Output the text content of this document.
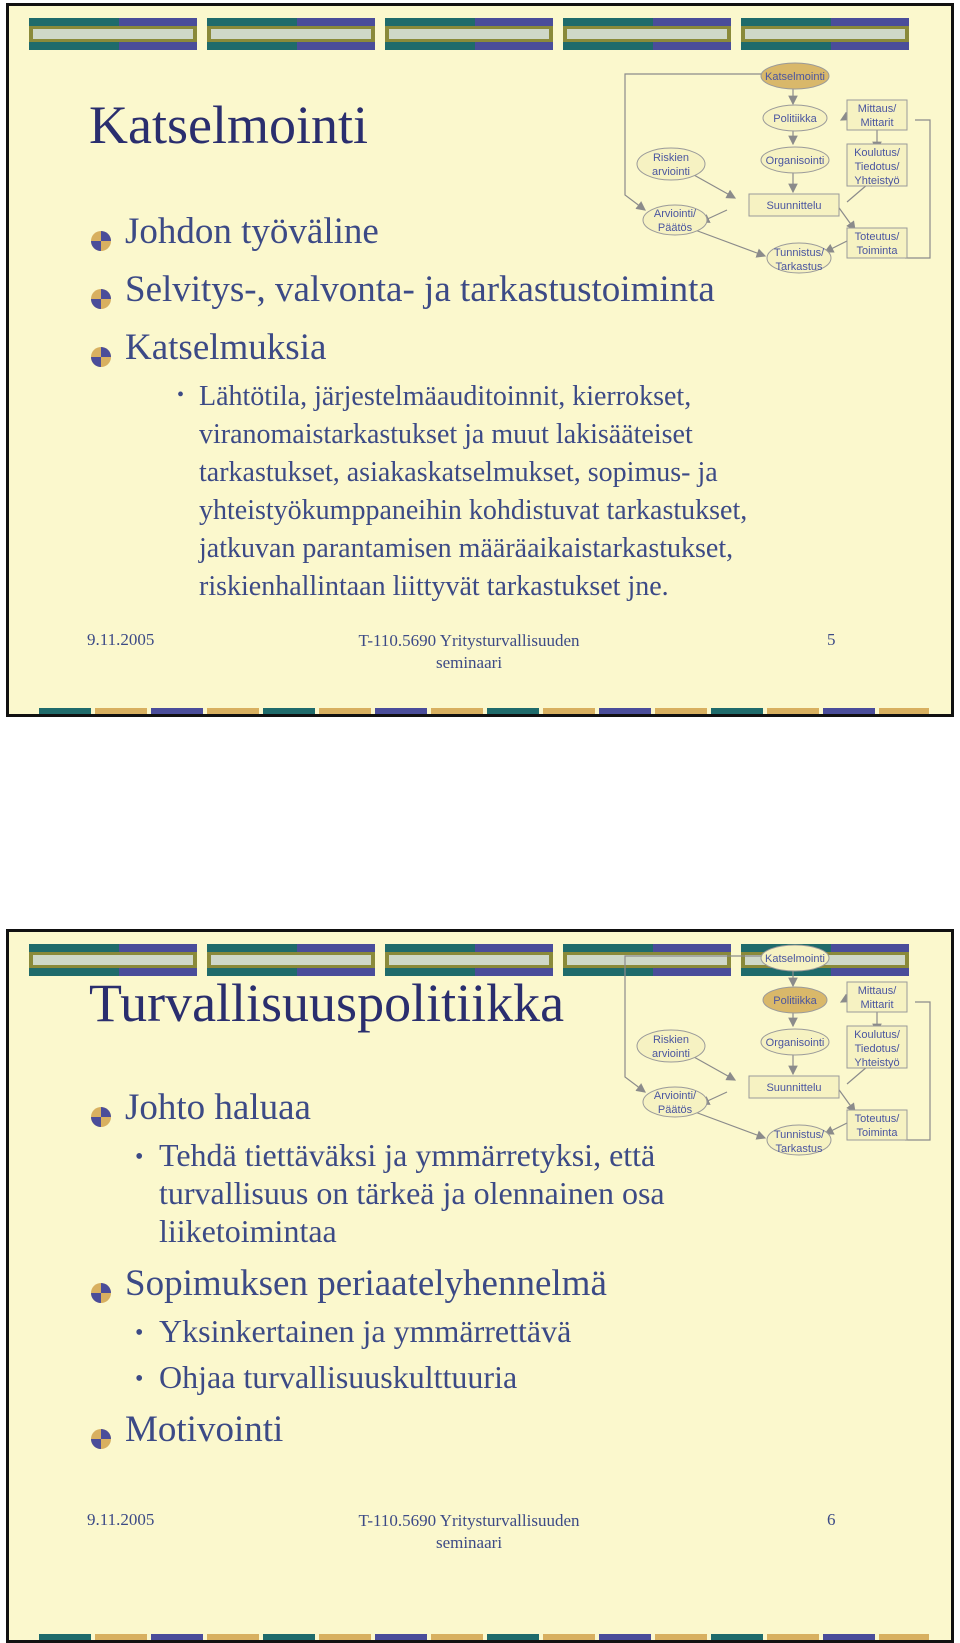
Katselmointi
Politiikka
Organisointi
Suunnittelu
Tunnistus/
Tarkastus
Riskien
arviointi
Arviointi/
Päätös
Mittaus/
Mittarit
Koulutus/
Tiedotus/
Yhteistyö
Toteutus/
Toiminta
Katselmointi
Johdon työväline
Selvitys-, valvonta- ja tarkastustoiminta
Katselmuksia
• Lähtötila, järjestelmäauditoinnit, kierrokset,
viranomaistarkastukset ja muut lakisääteiset
tarkastukset, asiakaskatselmukset, sopimus- ja
yhteistyökumppaneihin kohdistuvat tarkastukset,
jatkuvan parantamisen määräaikaistarkastukset,
riskienhallintaan liittyvät tarkastukset jne.
9.11.2005	T-110.5690 Yritysturvallisuuden
seminaari
5
Katselmointi
Politiikka
Organisointi
Suunnittelu
Tunnistus/
Tarkastus
Riskien
arviointi
Arviointi/
Päätös
Mittaus/
Mittarit
Koulutus/
Tiedotus/
Yhteistyö
Toteutus/
Toiminta
Turvallisuuspolitiikka
Johto haluaa
• Tehdä tiettäväksi ja ymmärretyksi, että
turvallisuus on tärkeä ja olennainen osa
liiketoimintaa
Sopimuksen periaatelyhennelmä
• Yksinkertainen ja ymmärrettävä
• Ohjaa turvallisuuskulttuuria
Motivointi
9.11.2005	T-110.5690 Yritysturvallisuuden
seminaari
6
